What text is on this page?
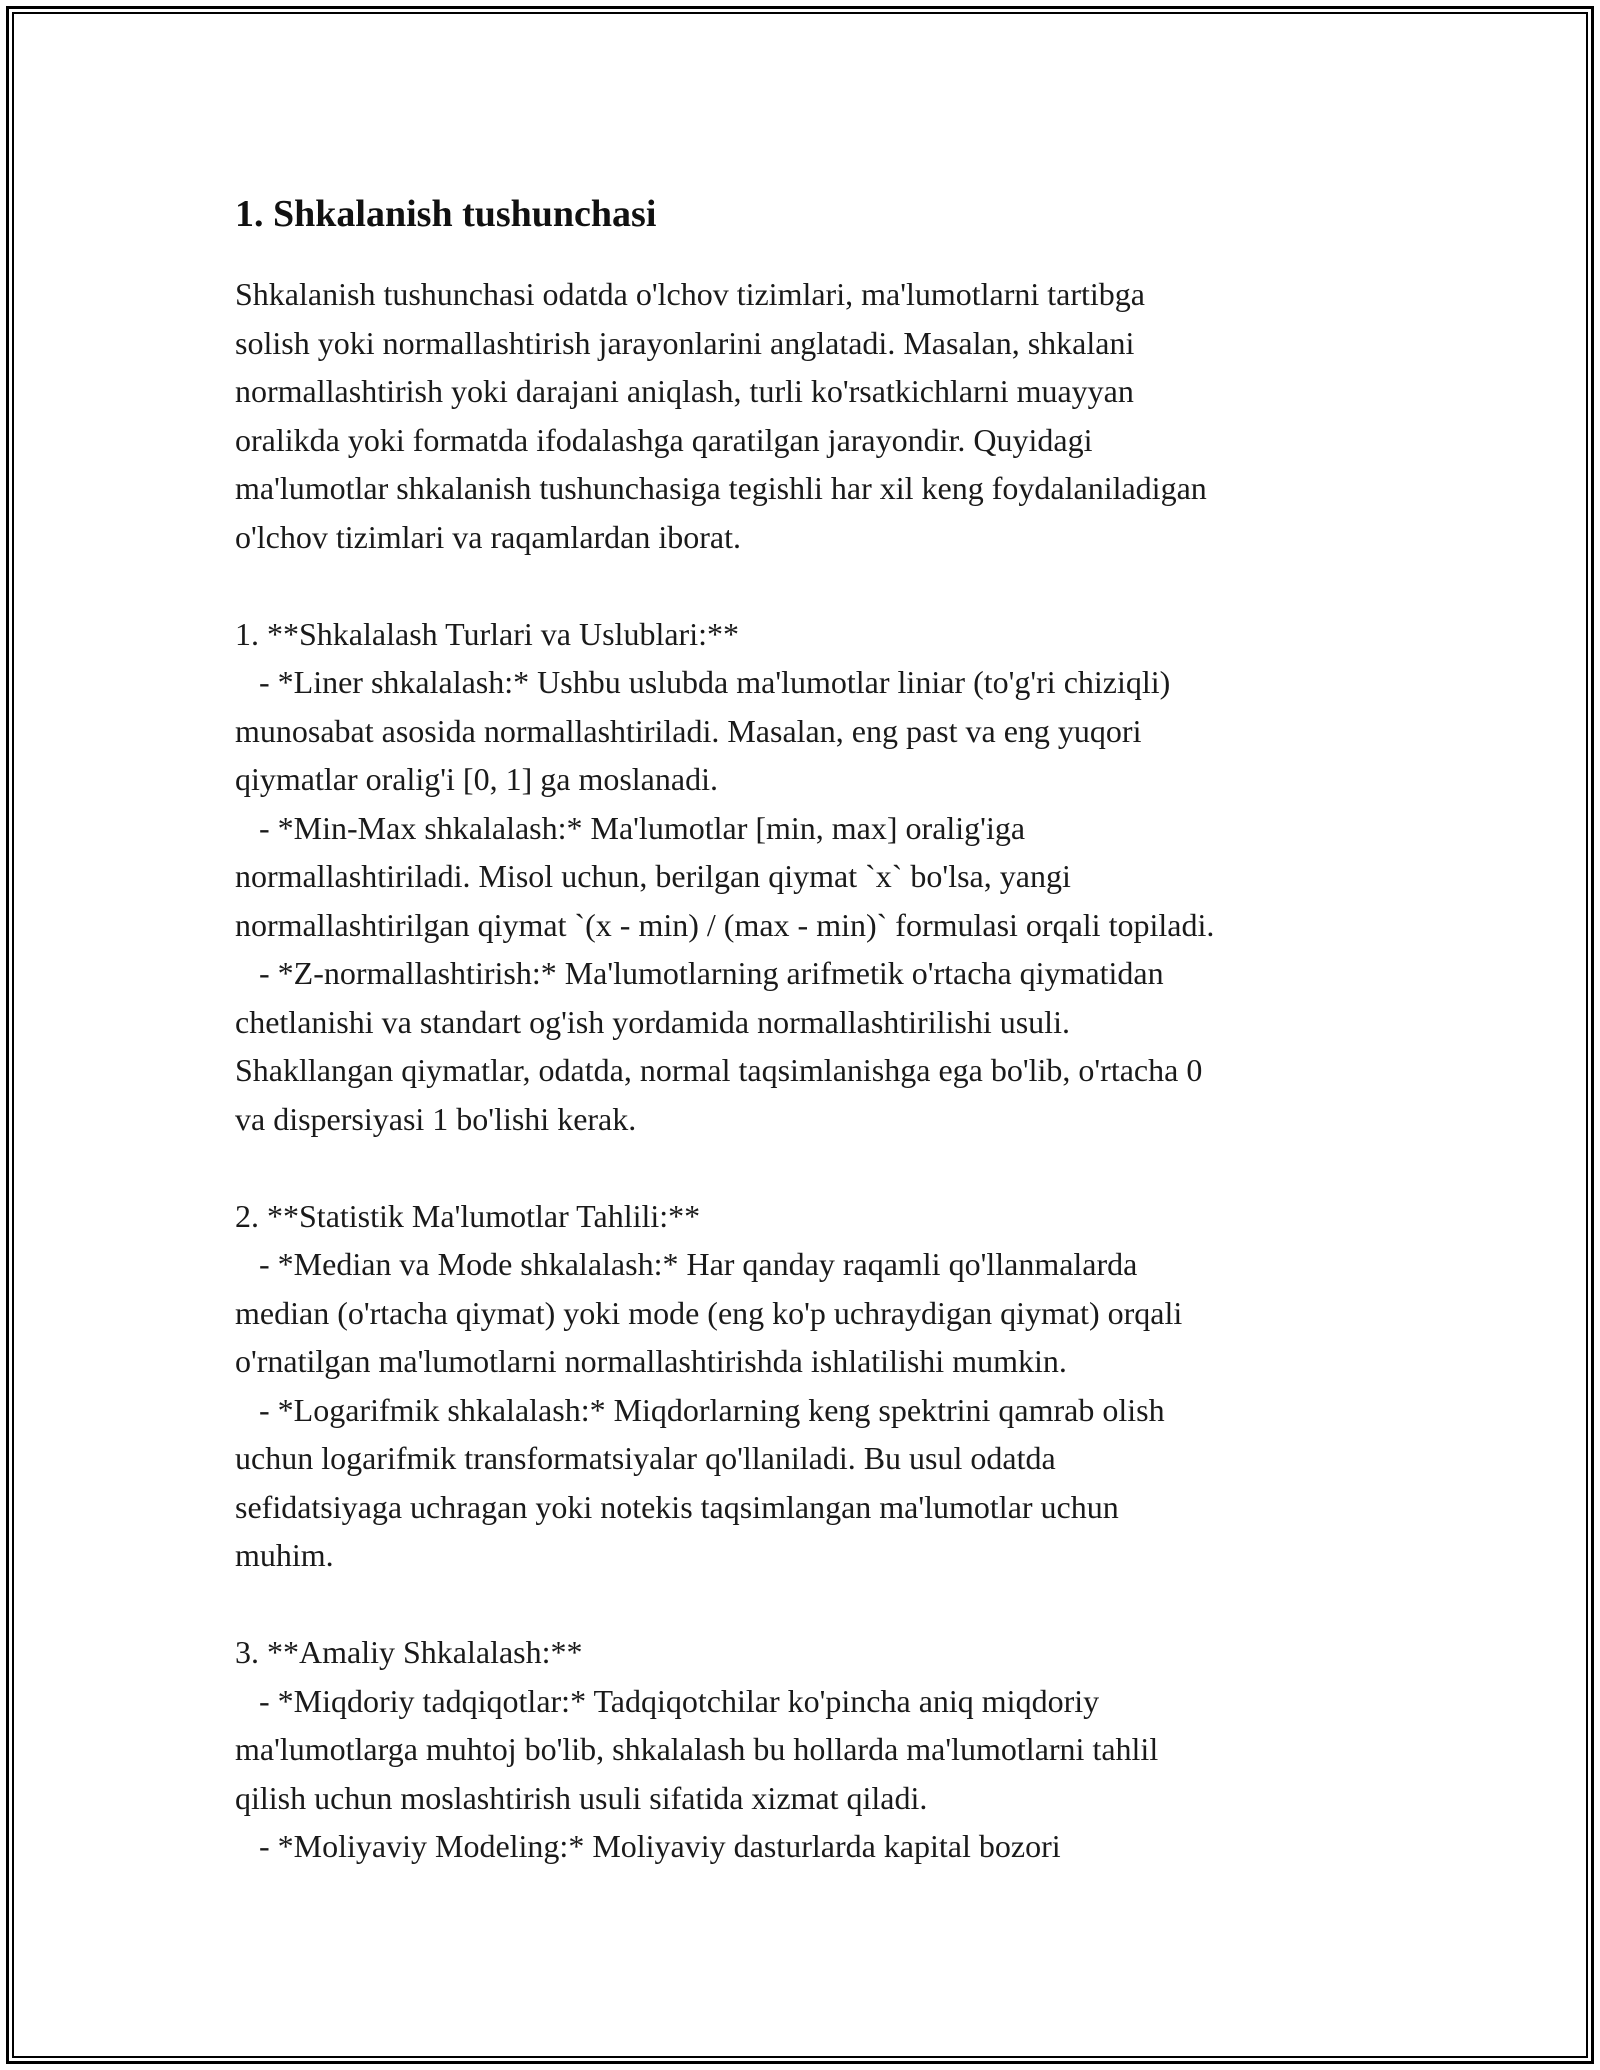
1. Shkalanish tushunchasi

Shkalanish tushunchasi odatda o'lchov tizimlari, ma'lumotlarni tartibga
solish yoki normallashtirish jarayonlarini anglatadi. Masalan, shkalani
normallashtirish yoki darajani aniqlash, turli ko'rsatkichlarni muayyan
oralikda yoki formatda ifodalashga qaratilgan jarayondir. Quyidagi
ma'lumotlar shkalanish tushunchasiga tegishli har xil keng foydalaniladigan
o'lchov tizimlari va raqamlardan iborat.

1. **Shkalalash Turlari va Uslublari:**
- *Liner shkalalash:* Ushbu uslubda ma'lumotlar liniar (to'g'ri chiziqli)
munosabat asosida normallashtiriladi. Masalan, eng past va eng yuqori
qiymatlar oralig'i [0, 1] ga moslanadi.
- *Min-Max shkalalash:* Ma'lumotlar [min, max] oralig'iga
normallashtiriladi. Misol uchun, berilgan qiymat `x` bo'lsa, yangi
normallashtirilgan qiymat `(x - min) / (max - min)` formulasi orqali topiladi.
- *Z-normallashtirish:* Ma'lumotlarning arifmetik o'rtacha qiymatidan
chetlanishi va standart og'ish yordamida normallashtirilishi usuli.
Shakllangan qiymatlar, odatda, normal taqsimlanishga ega bo'lib, o'rtacha 0
va dispersiyasi 1 bo'lishi kerak.

2. **Statistik Ma'lumotlar Tahlili:**
- *Median va Mode shkalalash:* Har qanday raqamli qo'llanmalarda
median (o'rtacha qiymat) yoki mode (eng ko'p uchraydigan qiymat) orqali
o'rnatilgan ma'lumotlarni normallashtirishda ishlatilishi mumkin.
- *Logarifmik shkalalash:* Miqdorlarning keng spektrini qamrab olish
uchun logarifmik transformatsiyalar qo'llaniladi. Bu usul odatda
sefidatsiyaga uchragan yoki notekis taqsimlangan ma'lumotlar uchun
muhim.

3. **Amaliy Shkalalash:**
- *Miqdoriy tadqiqotlar:* Tadqiqotchilar ko'pincha aniq miqdoriy
ma'lumotlarga muhtoj bo'lib, shkalalash bu hollarda ma'lumotlarni tahlil
qilish uchun moslashtirish usuli sifatida xizmat qiladi.
- *Moliyaviy Modeling:* Moliyaviy dasturlarda kapital bozori
